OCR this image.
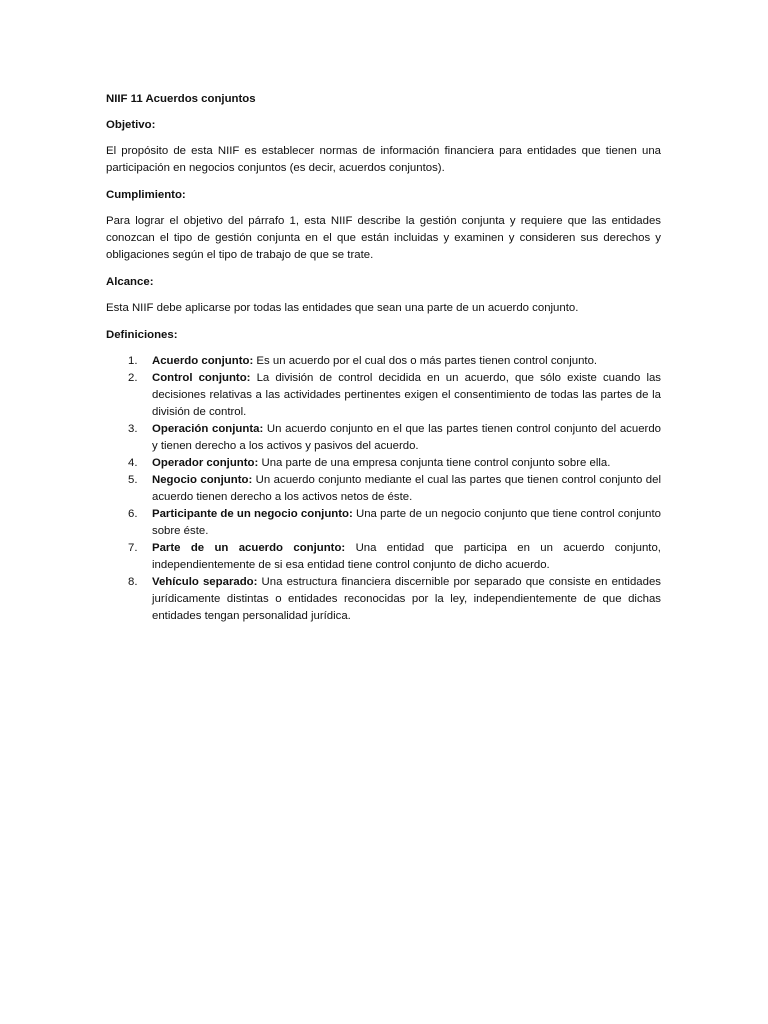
NIIF 11 Acuerdos conjuntos
Objetivo:
El propósito de esta NIIF es establecer normas de información financiera para entidades que tienen una participación en negocios conjuntos (es decir, acuerdos conjuntos).
Cumplimiento:
Para lograr el objetivo del párrafo 1, esta NIIF describe la gestión conjunta y requiere que las entidades conozcan el tipo de gestión conjunta en el que están incluidas y examinen y consideren sus derechos y obligaciones según el tipo de trabajo de que se trate.
Alcance:
Esta NIIF debe aplicarse por todas las entidades que sean una parte de un acuerdo conjunto.
Definiciones:
1. Acuerdo conjunto: Es un acuerdo por el cual dos o más partes tienen control conjunto.
2. Control conjunto: La división de control decidida en un acuerdo, que sólo existe cuando las decisiones relativas a las actividades pertinentes exigen el consentimiento de todas las partes de la división de control.
3. Operación conjunta: Un acuerdo conjunto en el que las partes tienen control conjunto del acuerdo y tienen derecho a los activos y pasivos del acuerdo.
4. Operador conjunto: Una parte de una empresa conjunta tiene control conjunto sobre ella.
5. Negocio conjunto: Un acuerdo conjunto mediante el cual las partes que tienen control conjunto del acuerdo tienen derecho a los activos netos de éste.
6. Participante de un negocio conjunto: Una parte de un negocio conjunto que tiene control conjunto sobre éste.
7. Parte de un acuerdo conjunto: Una entidad que participa en un acuerdo conjunto, independientemente de si esa entidad tiene control conjunto de dicho acuerdo.
8. Vehículo separado: Una estructura financiera discernible por separado que consiste en entidades jurídicamente distintas o entidades reconocidas por la ley, independientemente de que dichas entidades tengan personalidad jurídica.
